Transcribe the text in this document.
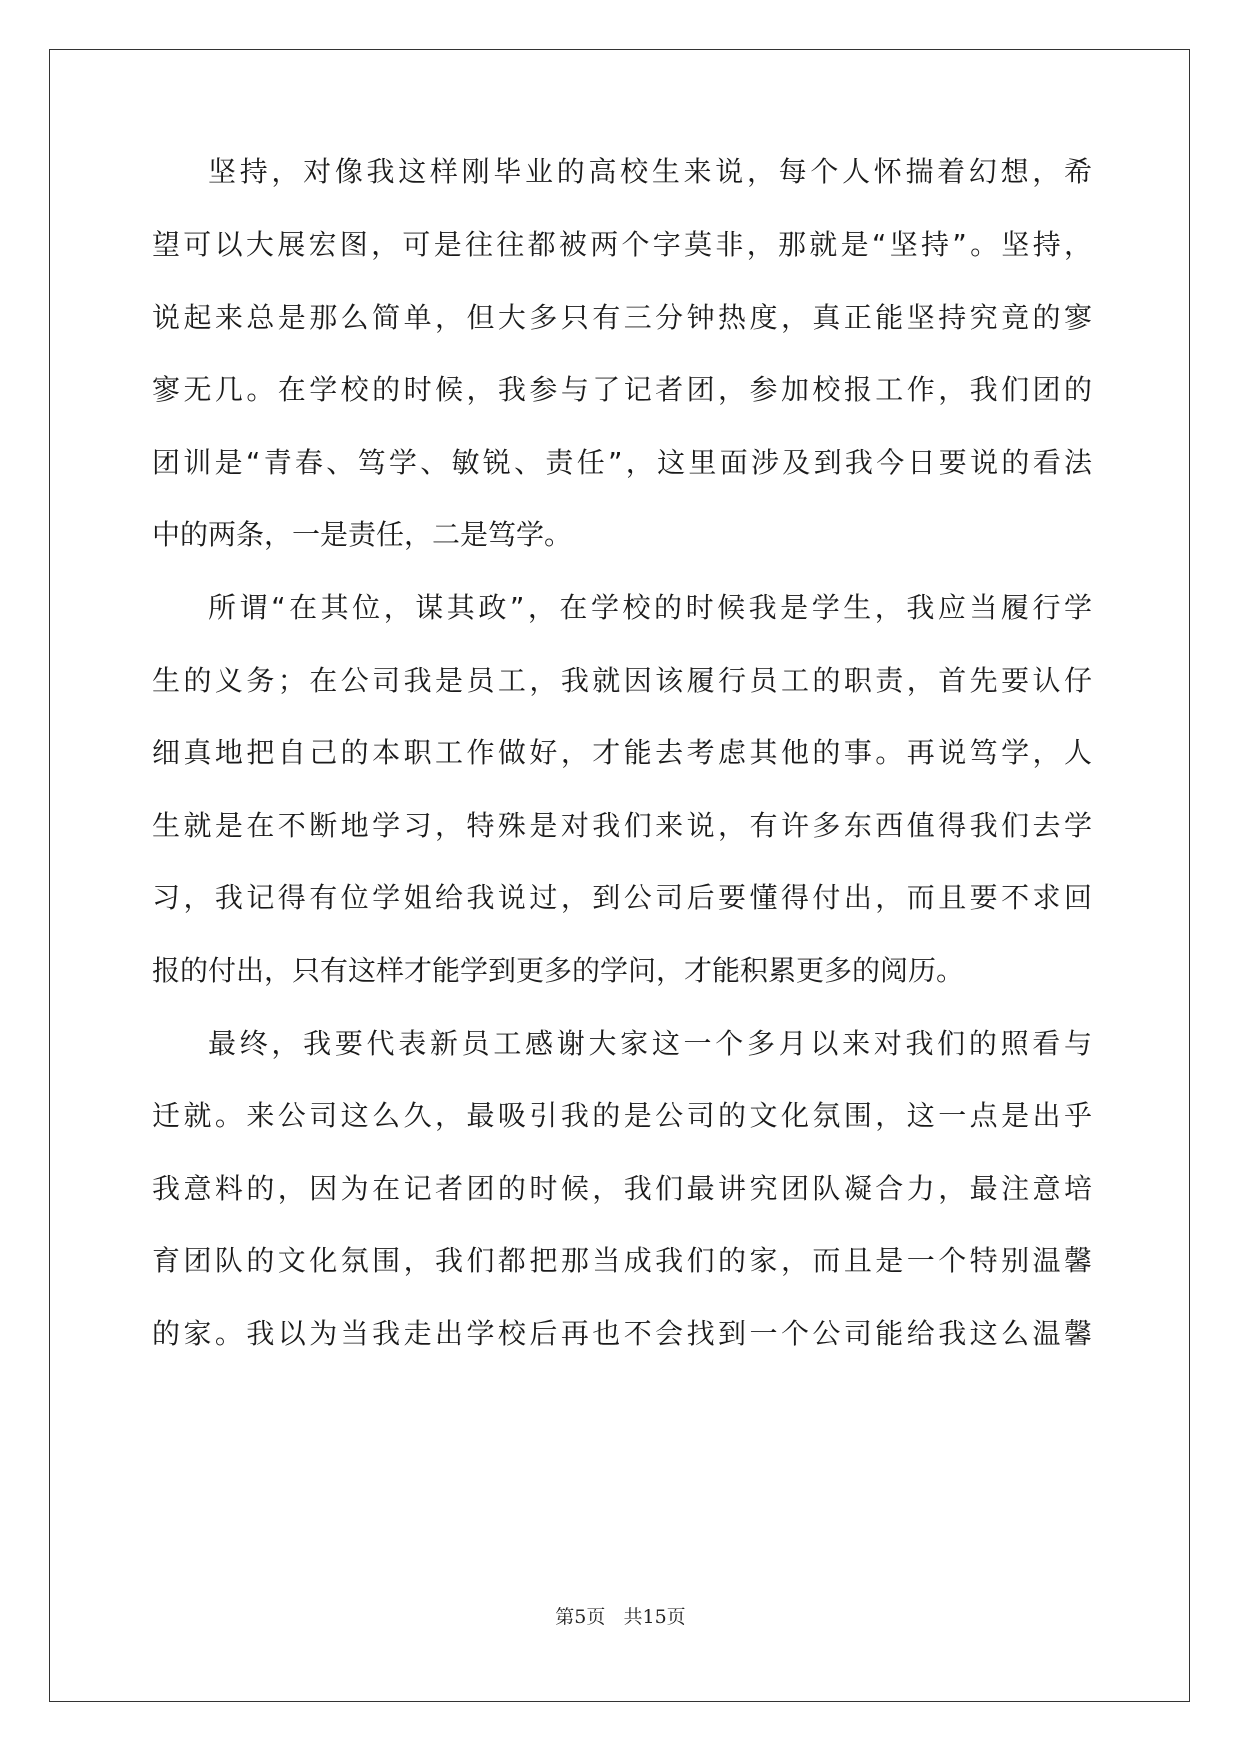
坚持，对像我这样刚毕业的高校生来说，每个人怀揣着幻想，希
望可以大展宏图，可是往往都被两个字莫非，那就是“坚持”。坚持，
说起来总是那么简单，但大多只有三分钟热度，真正能坚持究竟的寥
寥无几。在学校的时候，我参与了记者团，参加校报工作，我们团的
团训是“青春、笃学、敏锐、责任”，这里面涉及到我今日要说的看法
中的两条，一是责任，二是笃学。
所谓“在其位，谋其政”，在学校的时候我是学生，我应当履行学
生的义务；在公司我是员工，我就因该履行员工的职责，首先要认仔
细真地把自己的本职工作做好，才能去考虑其他的事。再说笃学，人
生就是在不断地学习，特殊是对我们来说，有许多东西值得我们去学
习，我记得有位学姐给我说过，到公司后要懂得付出，而且要不求回
报的付出，只有这样才能学到更多的学问，才能积累更多的阅历。
最终，我要代表新员工感谢大家这一个多月以来对我们的照看与
迁就。来公司这么久，最吸引我的是公司的文化氛围，这一点是出乎
我意料的，因为在记者团的时候，我们最讲究团队凝合力，最注意培
育团队的文化氛围，我们都把那当成我们的家，而且是一个特别温馨
的家。我以为当我走出学校后再也不会找到一个公司能给我这么温馨
第5页   共15页
